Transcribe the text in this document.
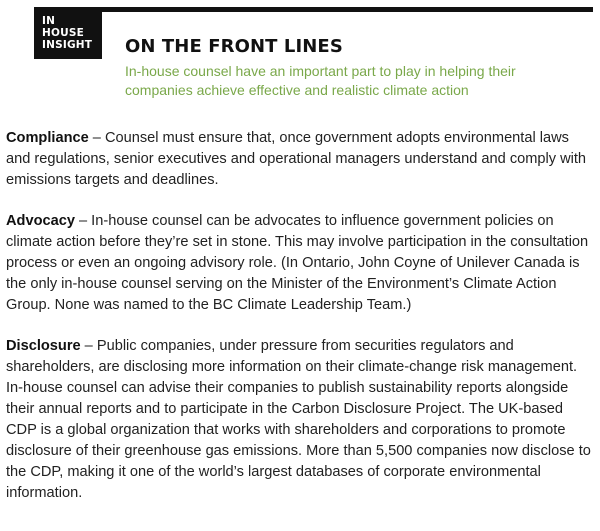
IN
HOUSE
INSIGHT	ON THE FRONT LINES
In-house counsel have an important part to play in helping their companies achieve effective and realistic climate action

Compliance – Counsel must ensure that, once government adopts environmental laws and regulations, senior executives and operational managers understand and comply with emissions targets and deadlines.

Advocacy – In-house counsel can be advocates to influence government policies on climate action before they’re set in stone. This may involve participation in the consultation process or even an ongoing advisory role. (In Ontario, John Coyne of Unilever Canada is the only in-house counsel serving on the Minister of the Environment’s Climate Action Group. None was named to the BC Climate Leadership Team.)

Disclosure – Public companies, under pressure from securities regulators and shareholders, are disclosing more information on their climate-change risk management. In-house counsel can advise their companies to publish sustainability reports alongside their annual reports and to participate in the Carbon Disclosure Project. The UK-based CDP is a global organization that works with shareholders and corporations to promote disclosure of their greenhouse gas emissions. More than 5,500 companies now disclose to the CDP, making it one of the world’s largest databases of corporate environmental information.
